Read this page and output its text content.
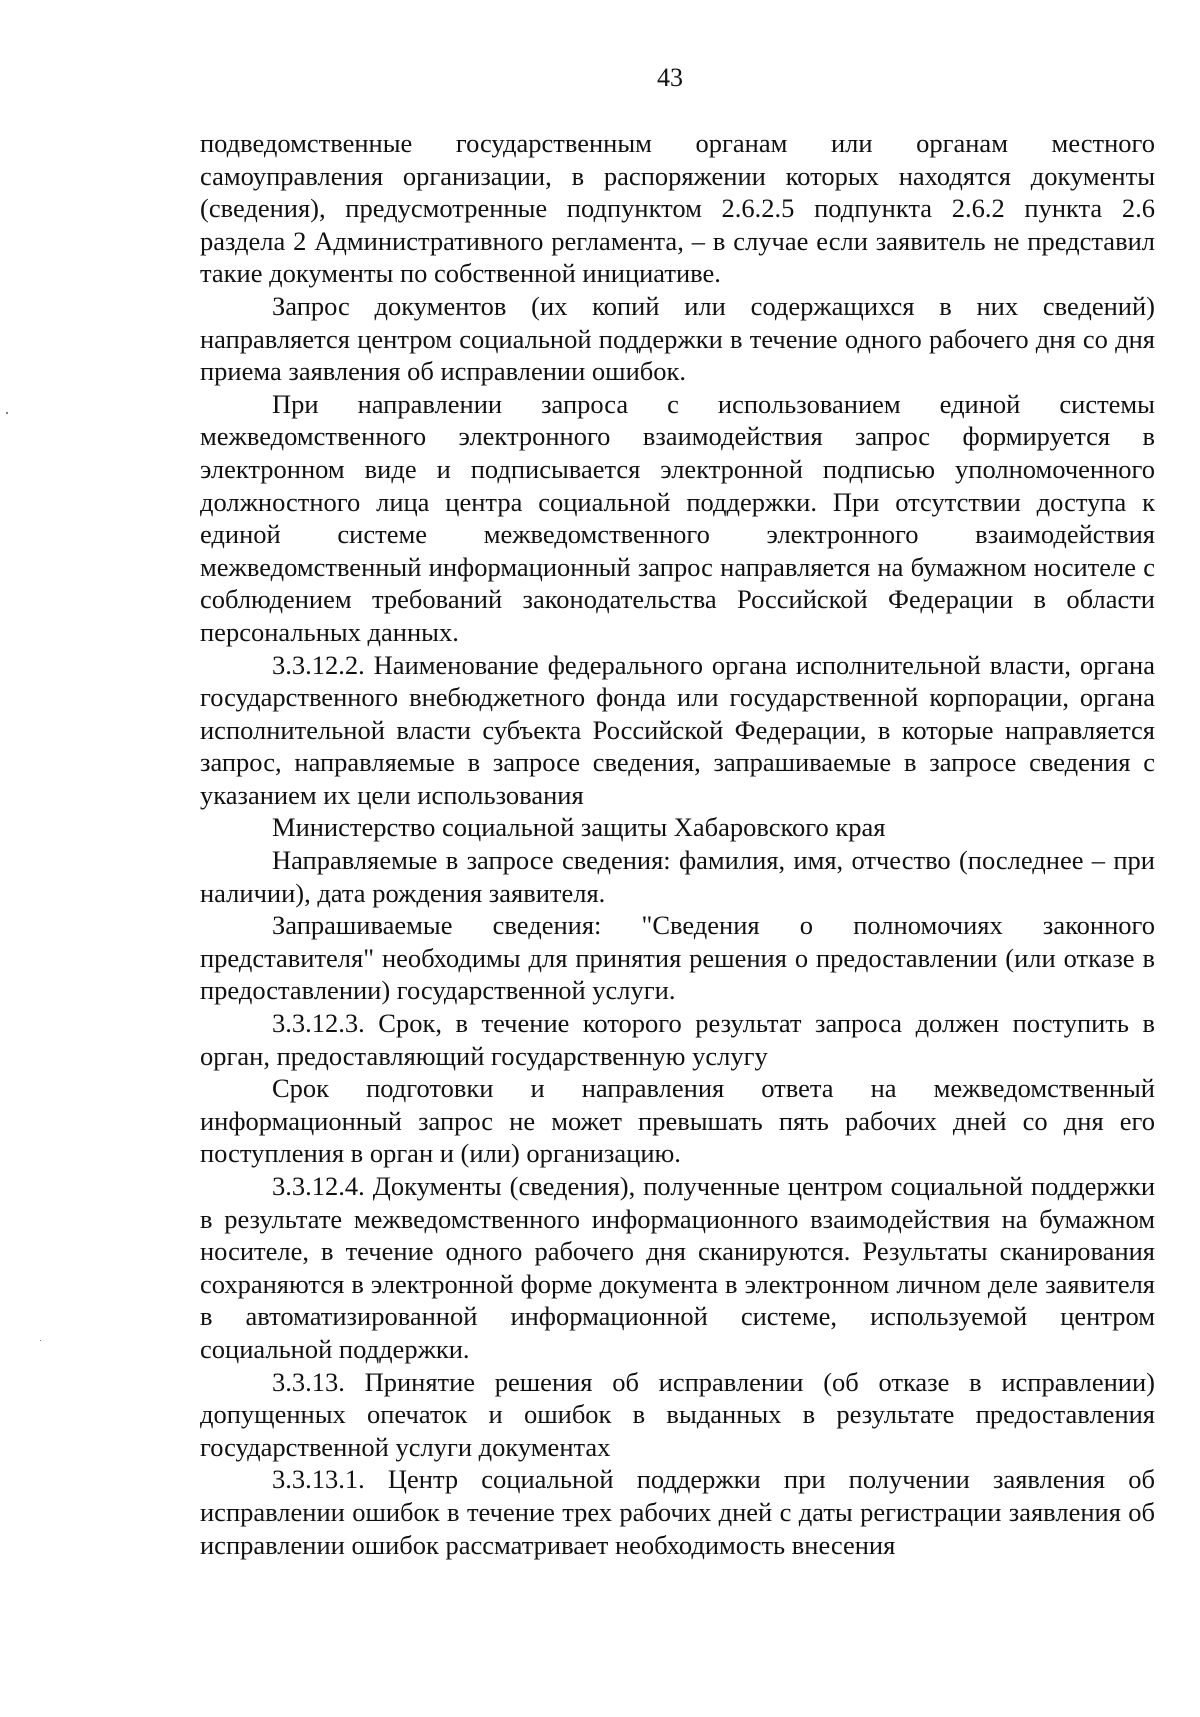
43

подведомственные государственным органам или органам местного самоуправления организации, в распоряжении которых находятся документы (сведения), предусмотренные подпунктом 2.6.2.5 подпункта 2.6.2 пункта 2.6 раздела 2 Административного регламента, – в случае если заявитель не представил такие документы по собственной инициативе.

Запрос документов (их копий или содержащихся в них сведений) направляется центром социальной поддержки в течение одного рабочего дня со дня приема заявления об исправлении ошибок.

При направлении запроса с использованием единой системы межведомственного электронного взаимодействия запрос формируется в электронном виде и подписывается электронной подписью уполномоченного должностного лица центра социальной поддержки. При отсутствии доступа к единой системе межведомственного электронного взаимодействия межведомственный информационный запрос направляется на бумажном носителе с соблюдением требований законодательства Российской Федерации в области персональных данных.

3.3.12.2. Наименование федерального органа исполнительной власти, органа государственного внебюджетного фонда или государственной корпорации, органа исполнительной власти субъекта Российской Федерации, в которые направляется запрос, направляемые в запросе сведения, запрашиваемые в запросе сведения с указанием их цели использования

Министерство социальной защиты Хабаровского края

Направляемые в запросе сведения: фамилия, имя, отчество (последнее – при наличии), дата рождения заявителя.

Запрашиваемые сведения: "Сведения о полномочиях законного представителя" необходимы для принятия решения о предоставлении (или отказе в предоставлении) государственной услуги.

3.3.12.3. Срок, в течение которого результат запроса должен поступить в орган, предоставляющий государственную услугу

Срок подготовки и направления ответа на межведомственный информационный запрос не может превышать пять рабочих дней со дня его поступления в орган и (или) организацию.

3.3.12.4. Документы (сведения), полученные центром социальной поддержки в результате межведомственного информационного взаимодействия на бумажном носителе, в течение одного рабочего дня сканируются. Результаты сканирования сохраняются в электронной форме документа в электронном личном деле заявителя в автоматизированной информационной системе, используемой центром социальной поддержки.

3.3.13. Принятие решения об исправлении (об отказе в исправлении) допущенных опечаток и ошибок в выданных в результате предоставления государственной услуги документах

3.3.13.1. Центр социальной поддержки при получении заявления об исправлении ошибок в течение трех рабочих дней с даты регистрации заявления об исправлении ошибок рассматривает необходимость внесения
